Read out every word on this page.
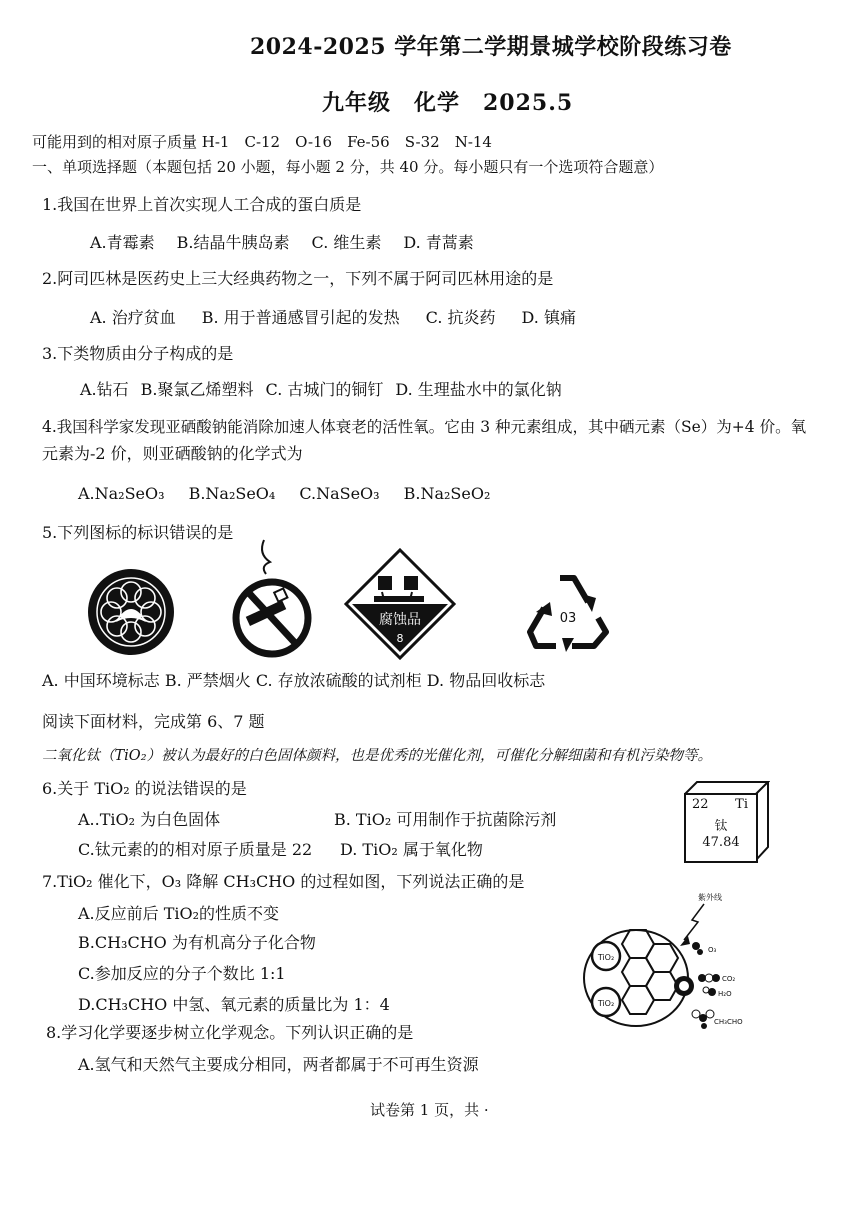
2024-2025 学年第二学期景城学校阶段练习卷
九年级　化学　2025.5
可能用到的相对原子质量 H-1　C-12　O-16　Fe-56　S-32　N-14
一、单项选择题（本题包括 20 小题，每小题 2 分，共 40 分。每小题只有一个选项符合题意）
1.我国在世界上首次实现人工合成的蛋白质是
A.青霉素 B.结晶牛胰岛素 C. 维生素 D. 青蒿素
2.阿司匹林是医药史上三大经典药物之一，下列不属于阿司匹林用途的是
A. 治疗贫血 B. 用于普通感冒引起的发热 C. 抗炎药 D. 镇痛
3.下类物质由分子构成的是
A.钻石 B.聚氯乙烯塑料 C. 古城门的铜钉 D. 生理盐水中的氯化钠
4.我国科学家发现亚硒酸钠能消除加速人体衰老的活性氧。它由 3 种元素组成，其中硒元素（Se）为+4 价。氧
元素为-2 价，则亚硒酸钠的化学式为
A.Na₂SeO₃ B.Na₂SeO₄ C.NaSeO₃ B.Na₂SeO₂
5.下列图标的标识错误的是
腐蚀品
8
03
A. 中国环境标志 B. 严禁烟火 C. 存放浓硫酸的试剂柜 D. 物品回收标志
阅读下面材料，完成第 6、7 题
二氧化钛（TiO₂）被认为最好的白色固体颜料，也是优秀的光催化剂，可催化分解细菌和有机污染物等。
6.关于 TiO₂ 的说法错误的是
A..TiO₂ 为白色固体	B. TiO₂ 可用制作于抗菌除污剂
C.钛元素的的相对原子质量是 22 D. TiO₂ 属于氧化物
22 Ti
钛
47.84
7.TiO₂ 催化下，O₃ 降解 CH₃CHO 的过程如图，下列说法正确的是
A.反应前后 TiO₂的性质不变
B.CH₃CHO 为有机高分子化合物
C.参加反应的分子个数比 1:1
D.CH₃CHO 中氢、氧元素的质量比为 1：4
紫外线
TiO₂
TiO₂
O₃
CO₂
H₂O
CH₃CHO
8.学习化学要逐步树立化学观念。下列认识正确的是
A.氢气和天然气主要成分相同，两者都属于不可再生资源
试卷第 1 页，共 ·
